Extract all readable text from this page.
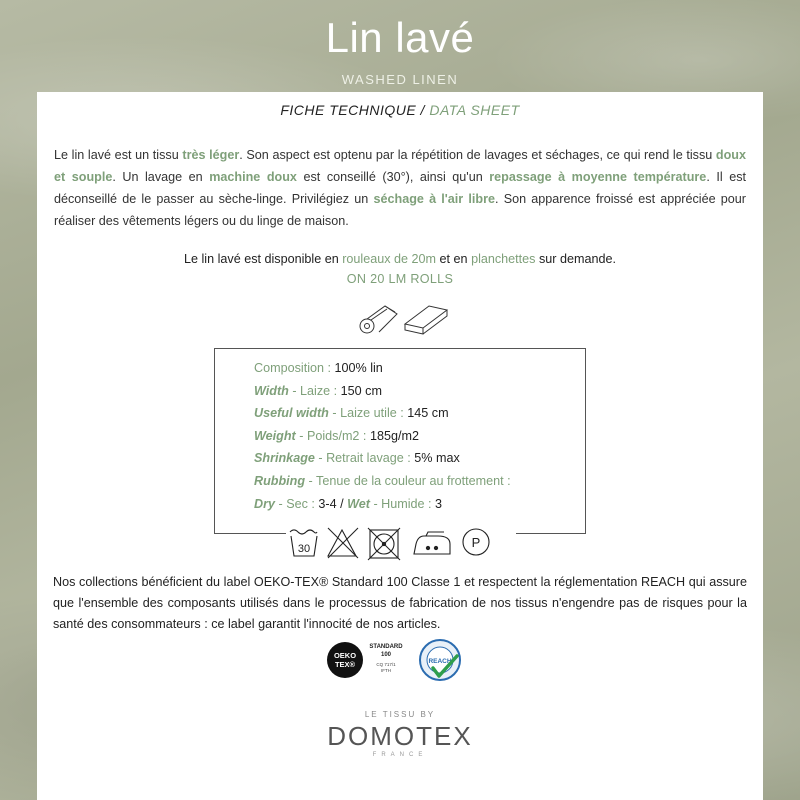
Lin lavé
WASHED LINEN
FICHE TECHNIQUE / DATA SHEET
Le lin lavé est un tissu très léger. Son aspect est optenu par la répétition de lavages et séchages, ce qui rend le tissu doux et souple. Un lavage en machine doux est conseillé (30°), ainsi qu'un repassage à moyenne température. Il est déconseillé de le passer au sèche-linge. Privilégiez un séchage à l'air libre. Son apparence froissé est appréciée pour réaliser des vêtements légers ou du linge de maison.
Le lin lavé est disponible en rouleaux de 20m et en planchettes sur demande.
ON 20 LM ROLLS
Composition : 100% lin
Width - Laize : 150 cm
Useful width - Laize utile : 145 cm
Weight - Poids/m2 : 185g/m2
Shrinkage - Retrait lavage : 5% max
Rubbing - Tenue de la couleur au frottement :
Dry - Sec : 3-4 / Wet - Humide : 3
30	P
Nos collections bénéficient du label OEKO-TEX® Standard 100 Classe 1 et respectent la réglementation REACH qui assure que l'ensemble des composants utilisés dans le processus de fabrication de nos tissus n'engendre pas de risques pour la santé des consommateurs : ce label garantit l'innocité de nos articles.
OEKO
TEX®
STANDARD
100
CQ 717/1
IFTH
REACH
LE TISSU BY
DOMOTEX
FRANCE
